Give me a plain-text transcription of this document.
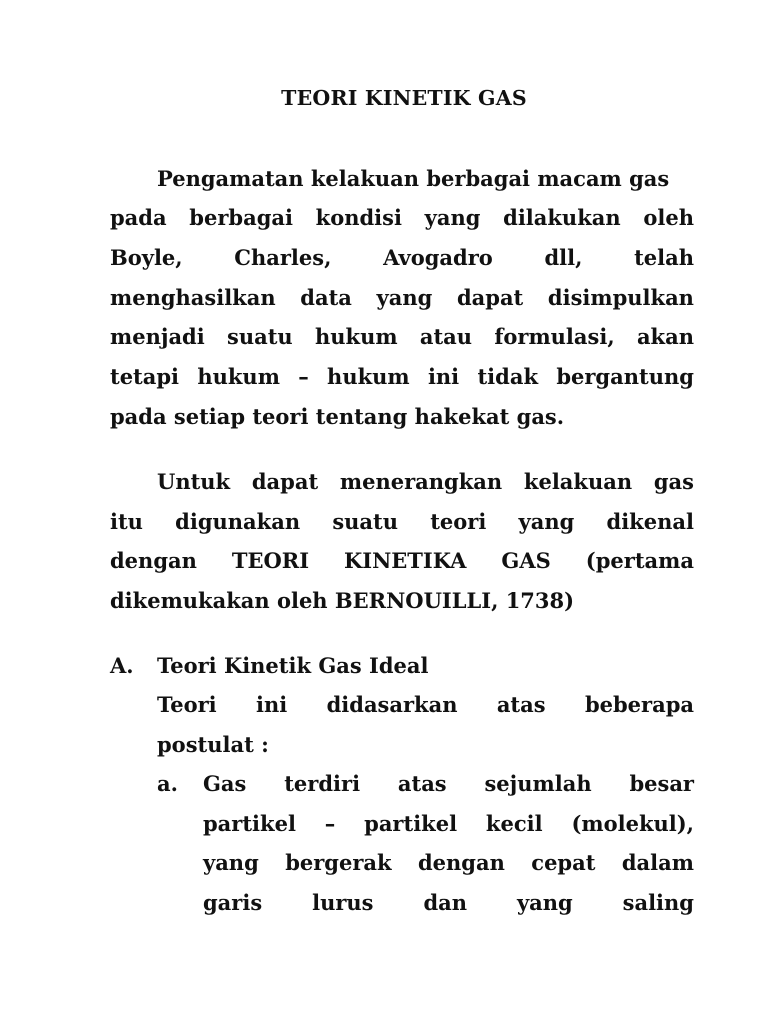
TEORI KINETIK GAS
Pengamatan kelakuan berbagai macam gas
pada berbagai kondisi yang dilakukan oleh
Boyle, Charles, Avogadro dll, telah
menghasilkan data yang dapat disimpulkan
menjadi suatu hukum atau formulasi, akan
tetapi hukum – hukum ini tidak bergantung
pada setiap teori tentang hakekat gas.
Untuk dapat menerangkan kelakuan gas
itu digunakan suatu teori yang dikenal
dengan TEORI KINETIKA GAS (pertama
dikemukakan oleh BERNOUILLI, 1738)
A. Teori Kinetik Gas Ideal
Teori ini didasarkan atas beberapa
postulat :
a. Gas terdiri atas sejumlah besar
partikel – partikel kecil (molekul),
yang bergerak dengan cepat dalam
garis lurus dan yang saling
